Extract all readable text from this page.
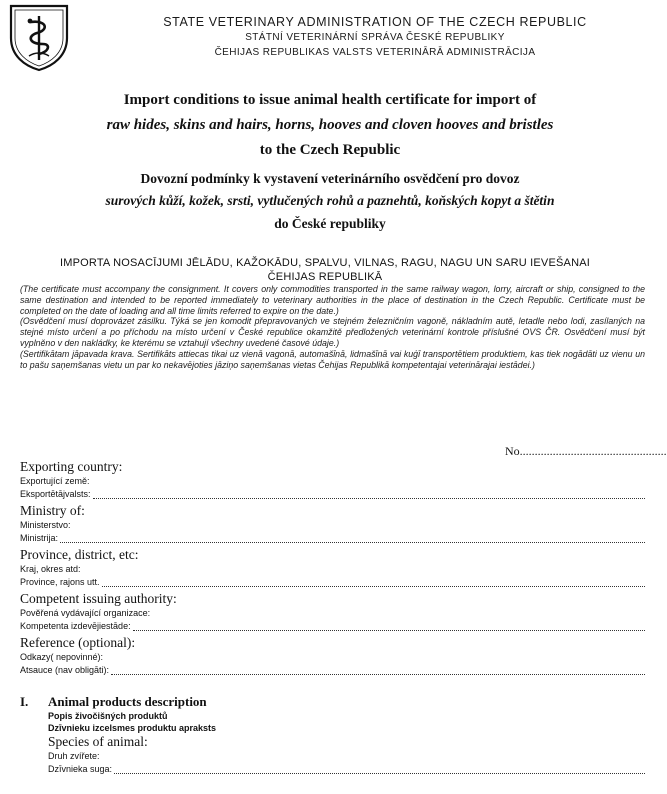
STATE VETERINARY ADMINISTRATION OF THE CZECH REPUBLIC
STÁTNÍ VETERINÁRNÍ SPRÁVA ČESKÉ REPUBLIKY
ČEHIJAS REPUBLIKAS VALSTS VETERINĀRĀ ADMINISTRĀCIJA
Import conditions to issue animal health certificate for import of
raw hides, skins and hairs, horns, hooves and cloven hooves and bristles
to the Czech Republic
Dovozní podmínky k vystavení veterinárního osvědčení pro dovoz
surových kůží, kožek, srsti, vytlučených rohů a paznehtů, koňských kopyt a štětin
do České republiky
IMPORTA NOSACĪJUMI JĒLĀDU, KAŽOKĀDU, SPALVU, VILNAS, RAGU, NAGU UN SARU IEVEŠANAI
ČEHIJAS REPUBLIKĀ

(The certificate must accompany the consignment. It covers only commodities transported in the same railway wagon, lorry, aircraft or ship, consigned to the same destination and intended to be reported immediately to veterinary authorities in the place of destination in the Czech Republic. Certificate must be completed on the date of loading and all time limits referred to expire on the date.)

(Osvědčení musí doprovázet zásilku. Týká se jen komodit přepravovaných ve stejném železničním vagoně, nákladním autě, letadle nebo lodi, zasílaných na stejné místo určení a po příchodu na místo určení v České republice okamžitě předložených veterinární kontrole příslušné OVS ČR. Osvědčení musí být vyplněno v den nakládky, ke kterému se vztahují všechny uvedené časové údaje.)

(Sertifikātam jāpavada krava. Sertifikāts attiecas tikai uz vienā vagonā, automašīnā, lidmašīnā vai kuģī transportētiem produktiem, kas tiek nogādāti uz vienu un to pašu saņemšanas vietu un par ko nekavējoties jāziņo saņemšanas vietas Čehijas Republikā kompetentajai veterinārajai iestādei.)

No.................................................
Exporting country:
Exportující země:
Eksportētājvalsts:
Ministry of:
Ministerstvo:
Ministrija:
Province, district, etc:
Kraj, okres atd:
Province, rajons utt.
Competent issuing authority:
Povĕřená vydávající organizace:
Kompetenta izdevējiestāde:
Reference (optional):
Odkazy( nepovinné):
Atsauce (nav obligāti):
I.	Animal products description
Popis živočišných produktů
Dzīvnieku izcelsmes produktu apraksts
Species of animal:
Druh zvířete:
Dzīvnieka suga:
